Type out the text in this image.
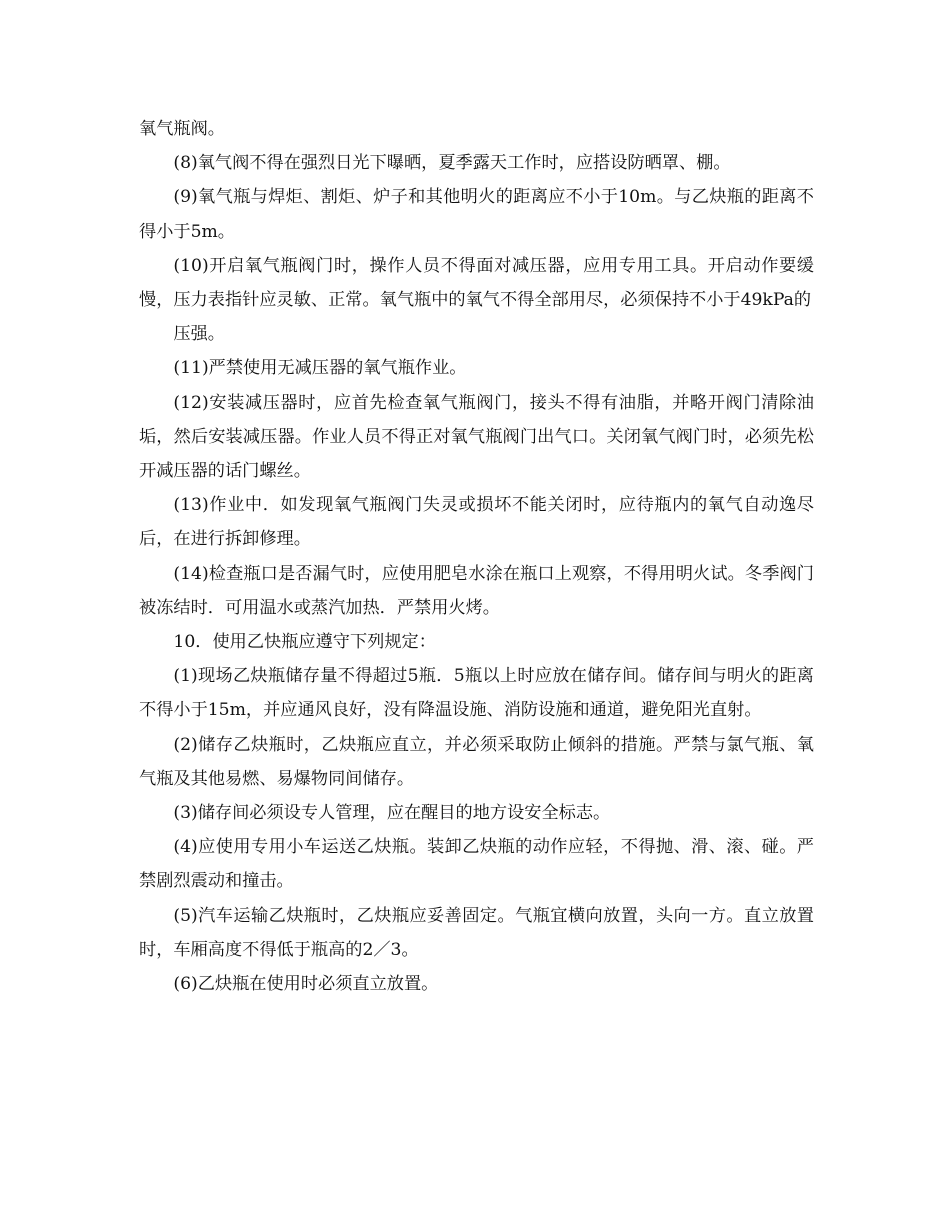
氧气瓶阀。

(8)氧气阀不得在强烈日光下曝晒，夏季露天工作时，应搭设防晒罩、棚。

(9)氧气瓶与焊炬、割炬、炉子和其他明火的距离应不小于10m。与乙炔瓶的距离不得小于5m。

(10)开启氧气瓶阀门时，操作人员不得面对减压器，应用专用工具。开启动作要缓慢，压力表指针应灵敏、正常。氧气瓶中的氧气不得全部用尽，必须保持不小于49kPa的

压强。

(11)严禁使用无减压器的氧气瓶作业。

(12)安装减压器时，应首先检查氧气瓶阀门，接头不得有油脂，并略开阀门清除油垢，然后安装减压器。作业人员不得正对氧气瓶阀门出气口。关闭氧气阀门时，必须先松开减压器的话门螺丝。

(13)作业中．如发现氧气瓶阀门失灵或损坏不能关闭时，应待瓶内的氧气自动逸尽后，在进行拆卸修理。

(14)检查瓶口是否漏气时，应使用肥皂水涂在瓶口上观察，不得用明火试。冬季阀门被冻结时．可用温水或蒸汽加热．严禁用火烤。

10．使用乙快瓶应遵守下列规定：

(1)现场乙炔瓶储存量不得超过5瓶．5瓶以上时应放在储存间。储存间与明火的距离不得小于15m，并应通风良好，没有降温设施、消防设施和通道，避免阳光直射。

(2)储存乙炔瓶时，乙炔瓶应直立，并必须采取防止倾斜的措施。严禁与氯气瓶、氧气瓶及其他易燃、易爆物同间储存。

(3)储存间必须设专人管理，应在醒目的地方设安全标志。

(4)应使用专用小车运送乙炔瓶。装卸乙炔瓶的动作应轻，不得抛、滑、滚、碰。严禁剧烈震动和撞击。

(5)汽车运输乙炔瓶时，乙炔瓶应妥善固定。气瓶宜横向放置，头向一方。直立放置时，车厢高度不得低于瓶高的2／3。

(6)乙炔瓶在使用时必须直立放置。
